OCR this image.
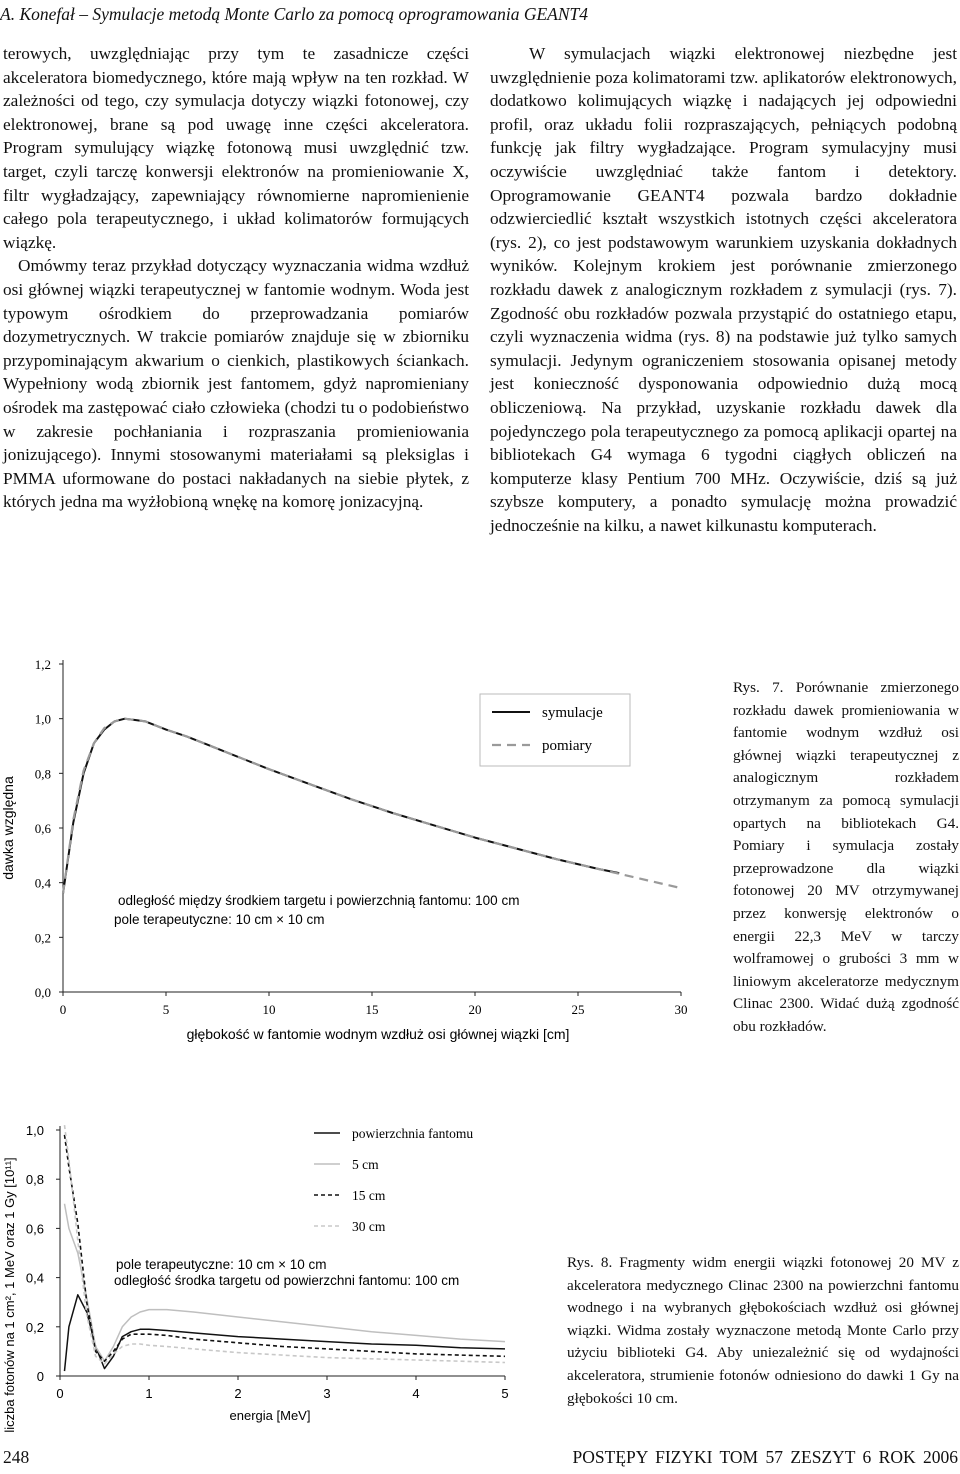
A. Konefał – Symulacje metodą Monte Carlo za pomocą oprogramowania GEANT4

terowych, uwzględniając przy tym te zasadnicze części akceleratora biomedycznego, które mają wpływ na ten rozkład. W zależności od tego, czy symulacja dotyczy wiązki fotonowej, czy elektronowej, brane są pod uwagę inne części akceleratora. Program symulujący wiązkę fotonową musi uwzględnić tzw. target, czyli tarczę konwersji elektronów na promieniowanie X, filtr wygładzający, zapewniający równomierne napromienienie całego pola terapeutycznego, i układ kolimatorów formujących wiązkę.

Omówmy teraz przykład dotyczący wyznaczania widma wzdłuż osi głównej wiązki terapeutycznej w fantomie wodnym. Woda jest typowym ośrodkiem do przeprowadzania pomiarów dozymetrycznych. W trakcie pomiarów znajduje się w zbiorniku przypominającym akwarium o cienkich, plastikowych ściankach. Wypełniony wodą zbiornik jest fantomem, gdyż napromieniany ośrodek ma zastępować ciało człowieka (chodzi tu o podobieństwo w zakresie pochłaniania i rozpraszania promieniowania jonizującego). Innymi stosowanymi materiałami są pleksiglas i PMMA uformowane do postaci nakładanych na siebie płytek, z których jedna ma wyżłobioną wnękę na komorę jonizacyjną.

W symulacjach wiązki elektronowej niezbędne jest uwzględnienie poza kolimatorami tzw. aplikatorów elektronowych, dodatkowo kolimujących wiązkę i nadających jej odpowiedni profil, oraz układu folii rozpraszających, pełniących podobną funkcję jak filtry wygładzające. Program symulacyjny musi oczywiście uwzględniać także fantom i detektory. Oprogramowanie GEANT4 pozwala bardzo dokładnie odzwierciedlić kształt wszystkich istotnych części akceleratora (rys. 2), co jest podstawowym warunkiem uzyskania dokładnych wyników. Kolejnym krokiem jest porównanie zmierzonego rozkładu dawek z analogicznym rozkładem z symulacji (rys. 7). Zgodność obu rozkładów pozwala przystąpić do ostatniego etapu, czyli wyznaczenia widma (rys. 8) na podstawie już tylko samych symulacji. Jedynym ograniczeniem stosowania opisanej metody jest konieczność dysponowania odpowiednio dużą mocą obliczeniową. Na przykład, uzyskanie rozkładu dawek dla pojedynczego pola terapeutycznego za pomocą aplikacji opartej na bibliotekach G4 wymaga 6 tygodni ciągłych obliczeń na komputerze klasy Pentium 700 MHz. Oczywiście, dziś są już szybsze komputery, a ponadto symulację można prowadzić jednocześnie na kilku, a nawet kilkunastu komputerach.

0,0
0,2
0,4
0,6
0,8
1,0
1,2
0	5	10	15	20	25	30
głębokość w fantomie wodnym wzdłuż osi głównej wiązki [cm]
dawka względna
symulacje
pomiary
odległość między środkiem targetu i powierzchnią fantomu: 100 cm
pole terapeutyczne: 10 cm × 10 cm
Rys. 7. Porównanie zmierzonego rozkładu dawek promieniowania w fantomie wodnym wzdłuż osi głównej wiązki terapeutycznej z analogicznym rozkładem otrzymanym za pomocą symulacji opartych na bibliotekach G4. Pomiary i symulacja zostały przeprowadzone dla wiązki fotonowej 20 MV otrzymywanej przez konwersję elektronów o energii 22,3 MeV w tarczy wolframowej o grubości 3 mm w liniowym akceleratorze medycznym Clinac 2300. Widać dużą zgodność obu rozkładów.
0
0,2
0,4
0,6
0,8
1,0
0	1	2	3	4	5
energia [MeV]
liczba fotonów na 1 cm², 1 MeV oraz 1 Gy [10¹¹]
powierzchnia fantomu
5 cm
15 cm
30 cm
pole terapeutyczne: 10 cm × 10 cm
odległość środka targetu od powierzchni fantomu: 100 cm
Rys. 8. Fragmenty widm energii wiązki fotonowej 20 MV z akceleratora medycznego Clinac 2300 na powierzchni fantomu wodnego i na wybranych głębokościach wzdłuż osi głównej wiązki. Widma zostały wyznaczone metodą Monte Carlo przy użyciu biblioteki G4. Aby uniezależnić się od wydajności akceleratora, strumienie fotonów odniesiono do dawki 1 Gy na głębokości 10 cm.
248	POSTĘPY FIZYKI TOM 57 ZESZYT 6 ROK 2006
